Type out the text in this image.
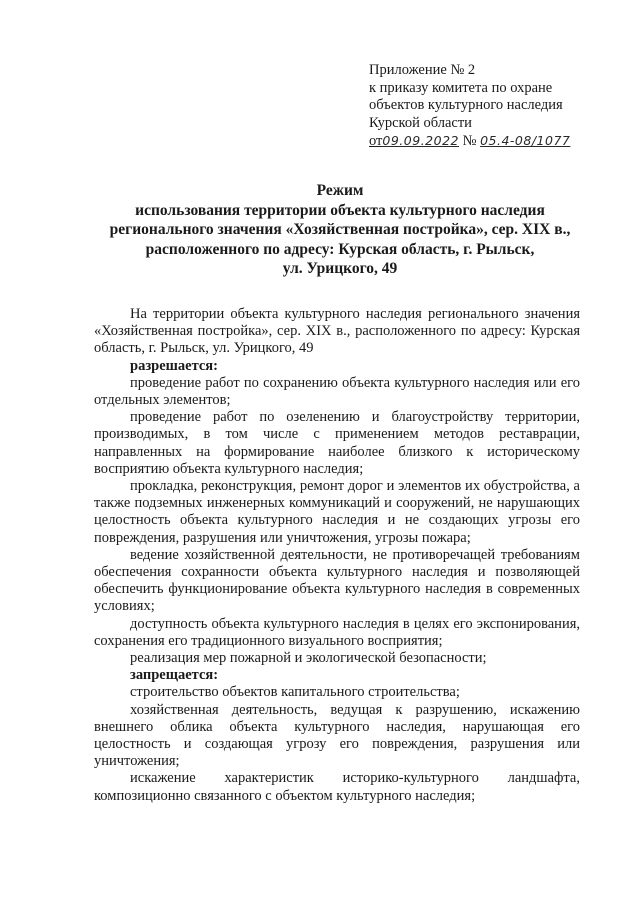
Приложение № 2
к приказу комитета по охране
объектов культурного наследия
Курской области
от09.09.2022 № 05.4-08/1077
Режим
использования территории объекта культурного наследия
регионального значения «Хозяйственная постройка», сер. XIX в.,
расположенного по адресу: Курская область, г. Рыльск,
ул. Урицкого, 49

На территории объекта культурного наследия регионального значения «Хозяйственная постройка», сер. XIX в., расположенного по адресу: Курская область, г. Рыльск, ул. Урицкого, 49

разрешается:

проведение работ по сохранению объекта культурного наследия или его отдельных элементов;

проведение работ по озеленению и благоустройству территории, производимых, в том числе с применением методов реставрации, направленных на формирование наиболее близкого к историческому восприятию объекта культурного наследия;

прокладка, реконструкция, ремонт дорог и элементов их обустройства, а также подземных инженерных коммуникаций и сооружений, не нарушающих целостность объекта культурного наследия и не создающих угрозы его повреждения, разрушения или уничтожения, угрозы пожара;

ведение хозяйственной деятельности, не противоречащей требованиям обеспечения сохранности объекта культурного наследия и позволяющей обеспечить функционирование объекта культурного наследия в современных условиях;

доступность объекта культурного наследия в целях его экспонирования, сохранения его традиционного визуального восприятия;

реализация мер пожарной и экологической безопасности;

запрещается:

строительство объектов капитального строительства;

хозяйственная деятельность, ведущая к разрушению, искажению внешнего облика объекта культурного наследия, нарушающая его целостность и создающая угрозу его повреждения, разрушения или уничтожения;

искажение характеристик историко-культурного ландшафта, композиционно связанного с объектом культурного наследия;
